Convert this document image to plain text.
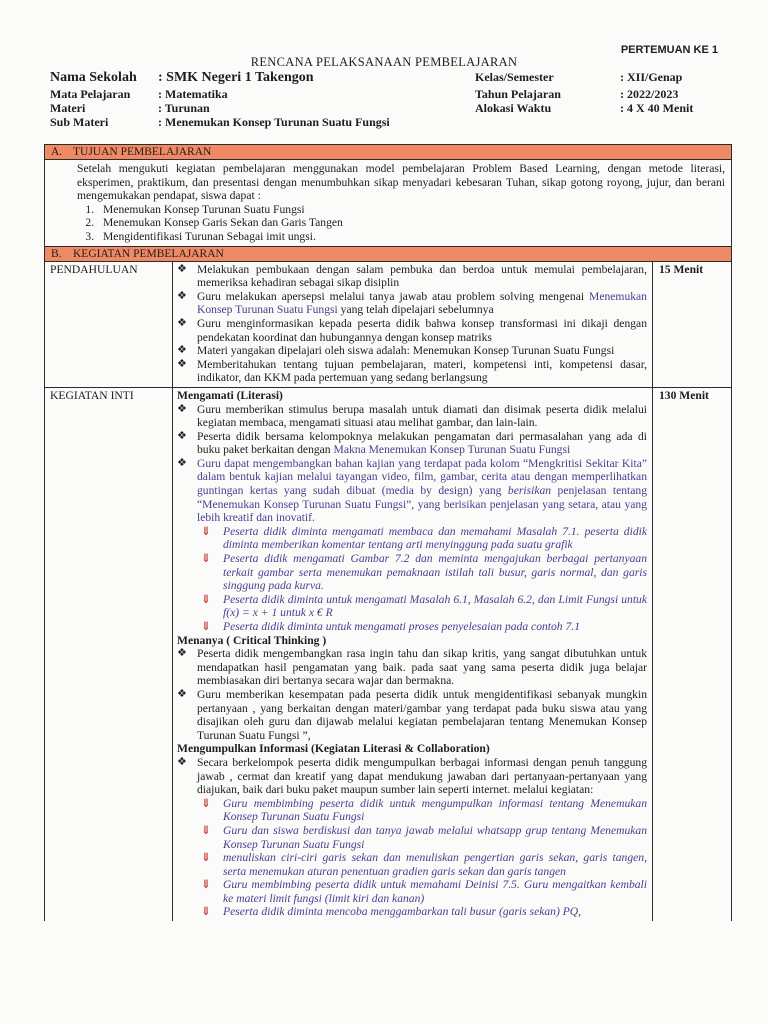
PERTEMUAN KE 1
RENCANA PELAKSANAAN PEMBELAJARAN
Nama Sekolah : SMK Negeri 1 Takengon	Kelas/Semester	: XII/Genap
Mata Pelajaran : Matematika	Tahun Pelajaran	: 2022/2023
Materi	: Turunan	Alokasi Waktu	: 4 X 40 Menit
Sub Materi	: Menemukan Konsep Turunan Suatu Fungsi
A. TUJUAN PEMBELAJARAN

Setelah mengukuti kegiatan pembelajaran menggunakan model pembelajaran Problem Based Learning, dengan metode literasi, eksperimen, praktikum, dan presentasi dengan menumbuhkan sikap menyadari kebesaran Tuhan, sikap gotong royong, jujur, dan berani mengemukakan pendapat, siswa dapat :

1. Menemukan Konsep Turunan Suatu Fungsi
2. Menemukan Konsep Garis Sekan dan Garis Tangen
3. Mengidentifikasi Turunan Sebagai imit ungsi.
B. KEGIATAN PEMBELAJARAN
PENDAHULUAN
❖	Melakukan pembukaan dengan salam pembuka dan berdoa untuk memulai pembelajaran, memeriksa kehadiran sebagai sikap disiplin
❖ Guru melakukan apersepsi melalui tanya jawab atau problem solving mengenai Menemukan Konsep Turunan Suatu Fungsi yang telah dipelajari sebelumnya
❖ Guru menginformasikan kepada peserta didik bahwa konsep transformasi ini dikaji dengan pendekatan koordinat dan hubungannya dengan konsep matriks
❖ Materi yangakan dipelajari oleh siswa adalah: Menemukan Konsep Turunan Suatu Fungsi
❖ Memberitahukan tentang tujuan pembelajaran, materi, kompetensi inti, kompetensi dasar, indikator, dan KKM pada pertemuan yang sedang berlangsung
15 Menit
KEGIATAN INTI	Mengamati (Literasi)
❖ Guru memberikan stimulus berupa masalah untuk diamati dan disimak peserta didik melalui kegiatan membaca, mengamati situasi atau melihat gambar, dan lain-lain.
❖ Peserta didik bersama kelompoknya melakukan pengamatan dari permasalahan yang ada di buku paket berkaitan dengan Makna Menemukan Konsep Turunan Suatu Fungsi
❖ Guru dapat mengembangkan bahan kajian yang terdapat pada kolom “Mengkritisi Sekitar Kita” dalam bentuk kajian melalui tayangan video, film, gambar, cerita atau dengan memperlihatkan guntingan kertas yang sudah dibuat (media by design) yang berisikan penjelasan tentang “Menemukan Konsep Turunan Suatu Fungsi”, yang berisikan penjelasan yang setara, atau yang lebih kreatif dan inovatif.
⇓ Peserta didik diminta mengamati membaca dan memahami Masalah 7.1. peserta didik diminta memberikan komentar tentang arti menyinggung pada suatu grafik
⇓ Peserta didik mengamati Gambar 7.2 dan meminta mengajukan berbagai pertanyaan terkait gambar serta menemukan pemaknaan istilah tali busur, garis normal, dan garis singgung pada kurva.
⇓ Peserta didik diminta untuk mengamati Masalah 6.1, Masalah 6.2, dan Limit Fungsi untuk f(x) = x + 1 untuk x € R
⇓ Peserta didik diminta untuk mengamati proses penyelesaian pada contoh 7.1
Menanya ( Critical Thinking )
❖ Peserta didik mengembangkan rasa ingin tahu dan sikap kritis, yang sangat dibutuhkan untuk mendapatkan hasil pengamatan yang baik. pada saat yang sama peserta didik juga belajar membiasakan diri bertanya secara wajar dan bermakna.
❖ Guru memberikan kesempatan pada peserta didik untuk mengidentifikasi sebanyak mungkin pertanyaan , yang berkaitan dengan materi/gambar yang terdapat pada buku siswa atau yang disajikan oleh guru dan dijawab melalui kegiatan pembelajaran tentang Menemukan Konsep Turunan Suatu Fungsi ”,
Mengumpulkan Informasi (Kegiatan Literasi & Collaboration)
❖ Secara berkelompok peserta didik mengumpulkan berbagai informasi dengan penuh tanggung jawab , cermat dan kreatif yang dapat mendukung jawaban dari pertanyaan-pertanyaan yang diajukan, baik dari buku paket maupun sumber lain seperti internet. melalui kegiatan:
⇓ Guru membimbing peserta didik untuk mengumpulkan informasi tentang Menemukan Konsep Turunan Suatu Fungsi
⇓ Guru dan siswa berdiskusi dan tanya jawab melalui whatsapp grup tentang Menemukan Konsep Turunan Suatu Fungsi
⇓ menuliskan ciri-ciri garis sekan dan menuliskan pengertian garis sekan, garis tangen, serta menemukan aturan penentuan gradien garis sekan dan garis tangen
⇓ Guru membimbing peserta didik untuk memahami Deinisi 7.5. Guru mengaitkan kembali ke materi limit fungsi (limit kiri dan kanan)
⇓ Peserta didik diminta mencoba menggambarkan tali busur (garis sekan) PQ,
130 Menit
